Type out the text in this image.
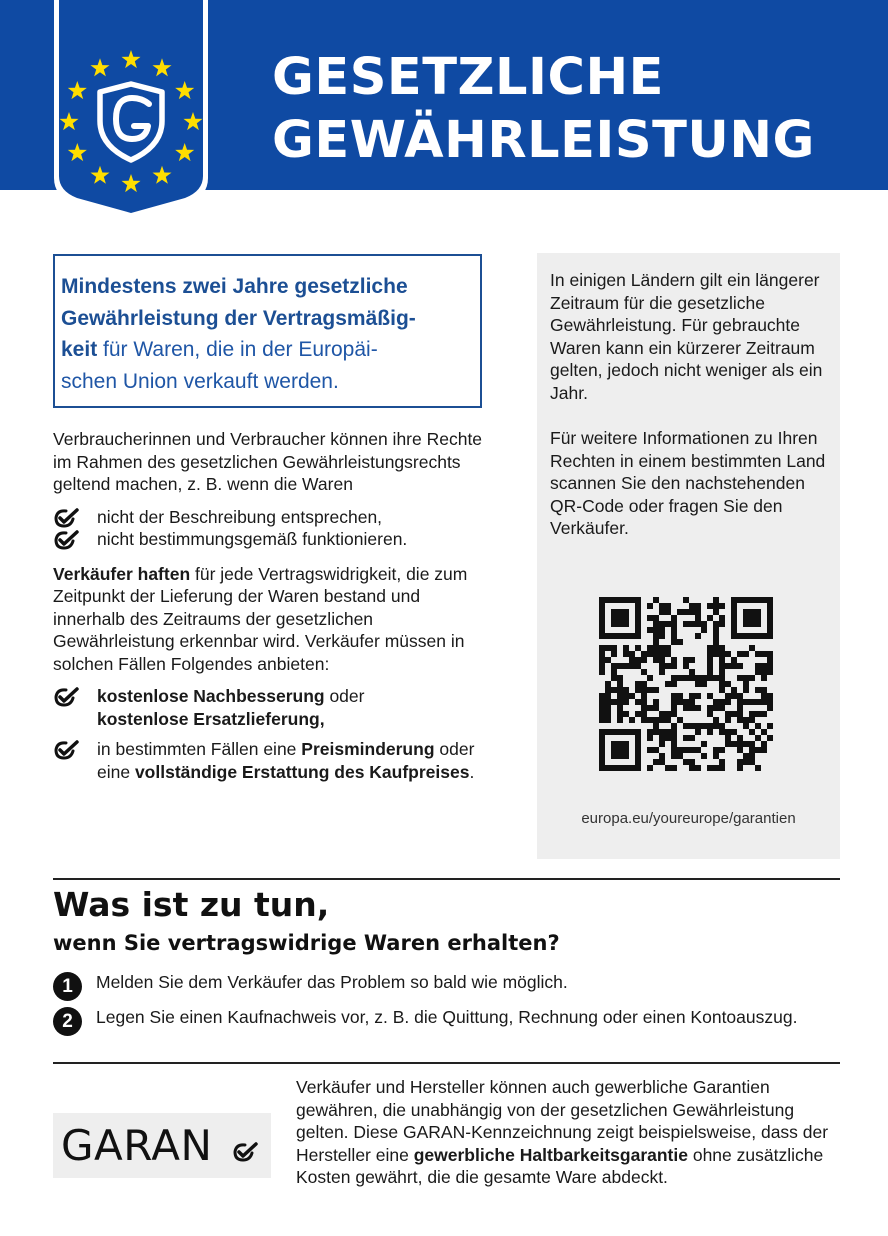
GESETZLICHE
GEWÄHRLEISTUNG
Mindestens zwei Jahre gesetzliche
Gewährleistung der Vertragsmäßig-
keit für Waren, die in der Europäi-
schen Union verkauft werden.

Verbraucherinnen und Verbraucher können ihre Rechte im Rahmen des gesetzlichen Gewährleistungsrechts geltend machen, z. B. wenn die Waren

nicht der Beschreibung entsprechen,
nicht bestimmungsgemäß funktionieren.

Verkäufer haften für jede Vertragswidrigkeit, die zum Zeitpunkt der Lieferung der Waren bestand und innerhalb des Zeitraums der gesetzlichen Gewährleistung erkennbar wird. Verkäufer müssen in solchen Fällen Folgendes anbieten:

kostenlose Nachbesserung oder
kostenlose Ersatzlieferung,
in bestimmten Fällen eine Preisminderung oder eine vollständige Erstattung des Kaufpreises.

In einigen Ländern gilt ein längerer Zeitraum für die gesetzliche Gewährleistung. Für gebrauchte Waren kann ein kürzerer Zeitraum gelten, jedoch nicht weniger als ein Jahr.

Für weitere Informationen zu Ihren Rechten in einem bestimmten Land scannen Sie den nachstehenden QR-Code oder fragen Sie den Verkäufer.

europa.eu/youreurope/garantien
Was ist zu tun,
wenn Sie vertragswidrige Waren erhalten?
1	Melden Sie dem Verkäufer das Problem so bald wie möglich.
2	Legen Sie einen Kaufnachweis vor, z. B. die Quittung, Rechnung oder einen Kontoauszug.
GARAN

Verkäufer und Hersteller können auch gewerbliche Garantien gewähren, die unabhängig von der gesetzlichen Gewährleistung gelten. Diese GARAN-Kennzeichnung zeigt beispielsweise, dass der Hersteller eine gewerbliche Haltbarkeitsgarantie ohne zusätzliche Kosten gewährt, die die gesamte Ware abdeckt.
